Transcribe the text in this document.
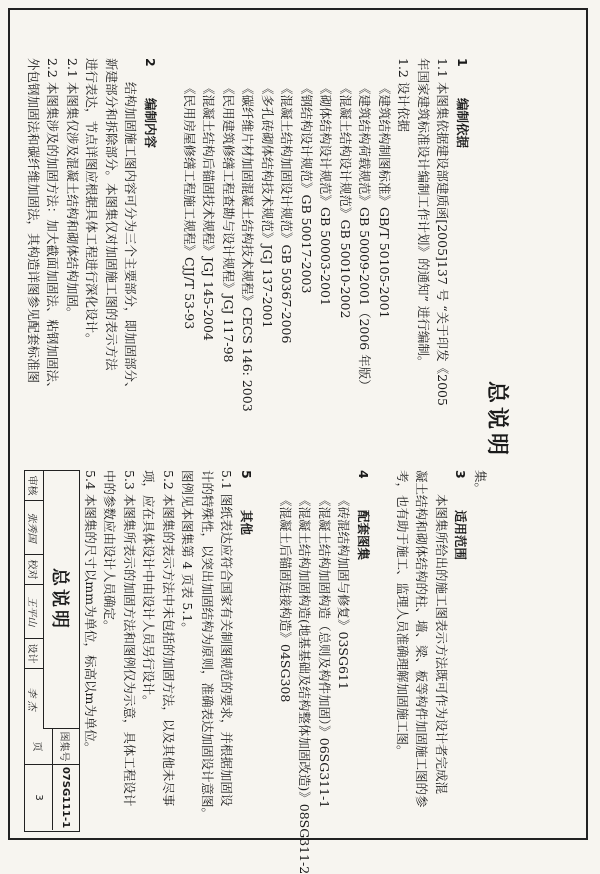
总说明
1编制依据
1.1 本图集依据建设部建质函[2005]137 号 “关于印发《2005
年国家建筑标准设计编制工作计划》的通知” 进行编制。
1.2 设计依据
《建筑结构制图标准》GB/T 50105-2001
《建筑结构荷载规范》GB 50009-2001（2006 年版）
《混凝土结构设计规范》GB 50010-2002
《砌体结构设计规范》GB 50003-2001
《钢结构设计规范》GB 50017-2003
《混凝土结构加固设计规范》GB 50367-2006
《多孔砖砌体结构技术规范》JGJ 137-2001
《碳纤维片材加固混凝土结构技术规程》CECS 146: 2003
《民用建筑修缮工程查勘与设计规程》JGJ 117-98
《混凝土结构后锚固技术规程》JGJ 145-2004
《民用房屋修缮工程施工规程》CJJ/T 53-93
2编制内容
结构加固施工图内容可分为三个主要部分，即加固部分、
新建部分和拆除部分。本图集仅对加固施工图的表示方法
进行表达，节点详图应根据具体工程进行深化设计。
2.1 本图集仅涉及混凝土结构和砌体结构加固。
2.2 本图集涉及的加固方法：加大截面加固法、粘钢加固法、
外包钢加固法和碳纤维加固法，其构造详图参见配套标准图
集。
3适用范围
本图集所给出的施工图表示方法既可作为设计者完成混
凝土结构和砌体结构的柱、墙、梁、板等构件加固施工图的参
考，也有助于施工、监理人员准确理解加固施工图。
4配套图集
《砖混结构加固与修复》03SG611
《混凝土结构加固构造（总则及构件加固）》06SG311-1
《混凝土结构加固构造(地基基础及结构整体加固改造)》08SG311-2
《混凝土后锚固连接构造》04SG308
5其他
5.1 图纸表达应符合国家有关制图规范的要求，并根据加固设
计的特殊性，以突出加固结构为原则，准确表达加固设计意图。
图例见本图集第 4 页表 5.1。
5.2 本图集的表示方法中未包括的加固方法，以及其他未尽事
项，应在具体设计中由设计人员另行设计。
5.3 本图集所表示的加固方法和图例仅为示意，具体工程设计
中的参数应由设计人员确定。
5.4 本图集的尺寸以mm为单位，标高以m为单位。
总说明
审核
张秀国
校对
王平山
设计
李 杰
图集号
07SG111-1
页
3
